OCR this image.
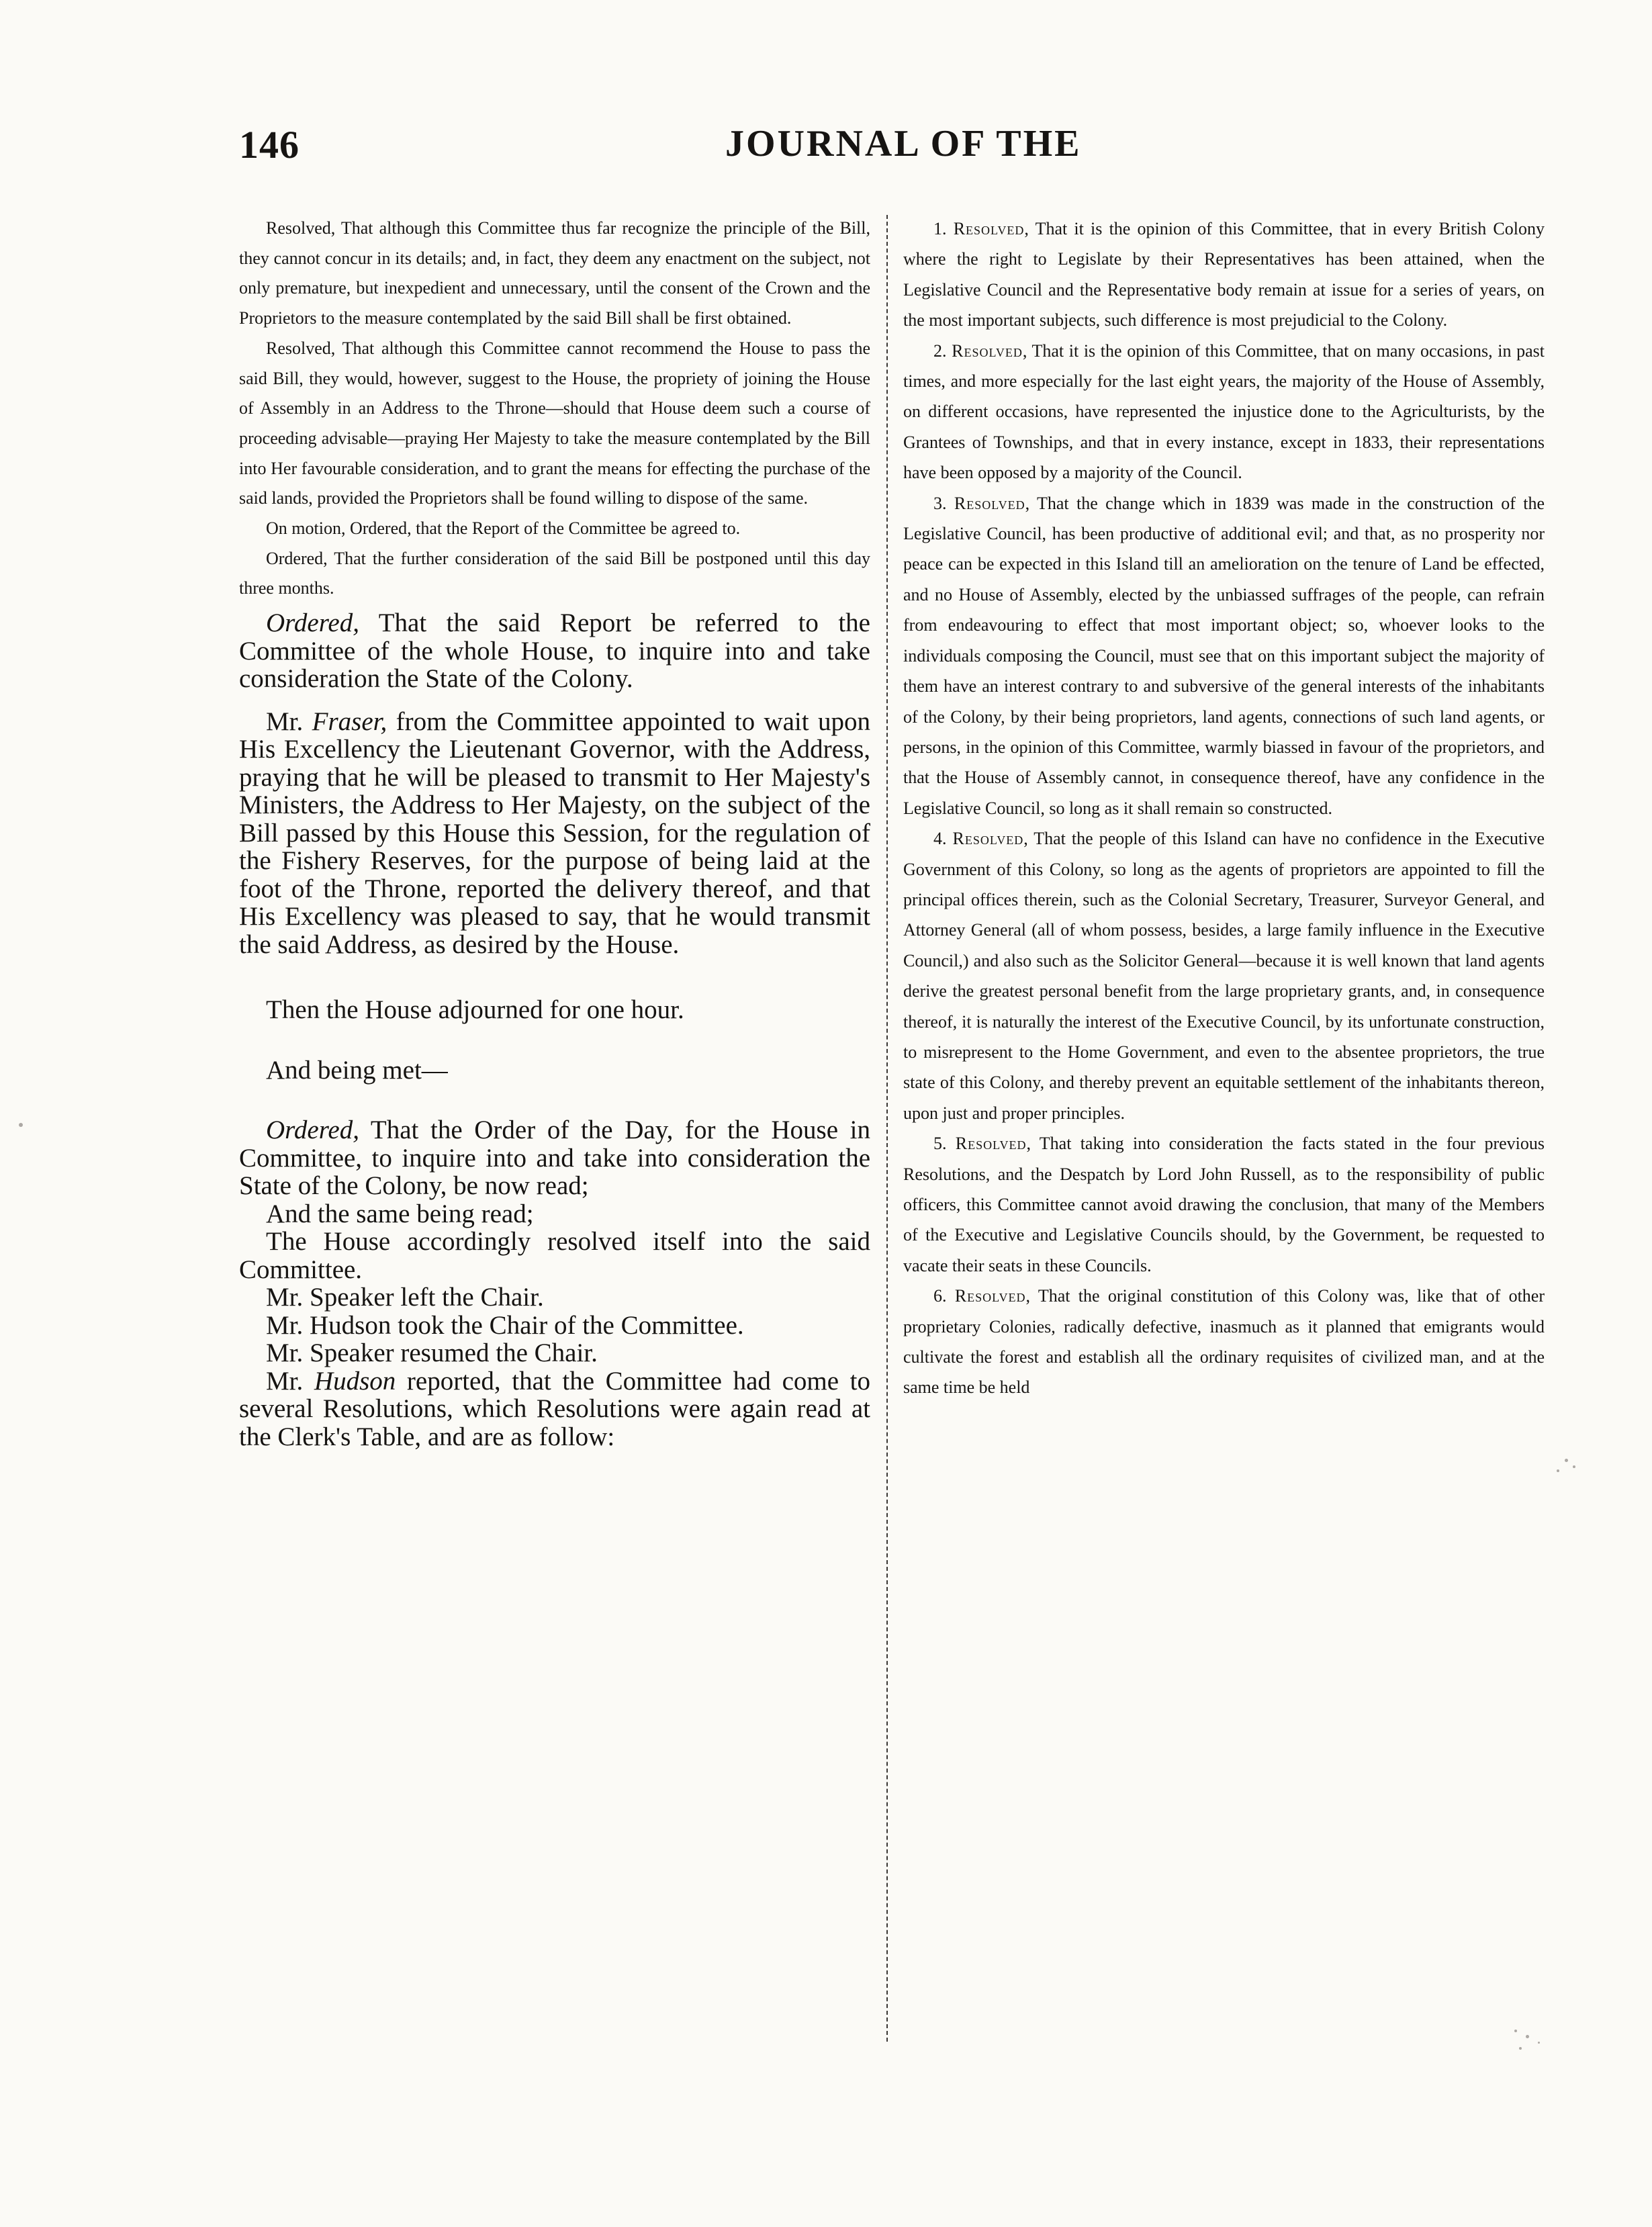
146	JOURNAL OF THE

Resolved, That although this Committee thus far recognize the principle of the Bill, they cannot concur in its details; and, in fact, they deem any enactment on the subject, not only premature, but inexpedient and unnecessary, until the consent of the Crown and the Proprietors to the measure contemplated by the said Bill shall be first obtained.

Resolved, That although this Committee cannot recommend the House to pass the said Bill, they would, however, suggest to the House, the propriety of joining the House of Assembly in an Address to the Throne—should that House deem such a course of proceeding advisable—praying Her Majesty to take the measure contemplated by the Bill into Her favourable consideration, and to grant the means for effecting the purchase of the said lands, provided the Proprietors shall be found willing to dispose of the same.

On motion, Ordered, that the Report of the Committee be agreed to.

Ordered, That the further consideration of the said Bill be postponed until this day three months.

Ordered, That the said Report be referred to the Committee of the whole House, to inquire into and take consideration the State of the Colony.

Mr. Fraser, from the Committee appointed to wait upon His Excellency the Lieutenant Governor, with the Address, praying that he will be pleased to transmit to Her Majesty's Ministers, the Address to Her Majesty, on the subject of the Bill passed by this House this Session, for the regulation of the Fishery Reserves, for the purpose of being laid at the foot of the Throne, reported the delivery thereof, and that His Excellency was pleased to say, that he would transmit the said Address, as desired by the House.

Then the House adjourned for one hour.

And being met—

Ordered, That the Order of the Day, for the House in Committee, to inquire into and take into consideration the State of the Colony, be now read;

And the same being read;

The House accordingly resolved itself into the said Committee.

Mr. Speaker left the Chair.

Mr. Hudson took the Chair of the Committee.

Mr. Speaker resumed the Chair.

Mr. Hudson reported, that the Committee had come to several Resolutions, which Resolutions were again read at the Clerk's Table, and are as follow:

1. Resolved, That it is the opinion of this Committee, that in every British Colony where the right to Legislate by their Representatives has been attained, when the Legislative Council and the Representative body remain at issue for a series of years, on the most important subjects, such difference is most prejudicial to the Colony.

2. Resolved, That it is the opinion of this Committee, that on many occasions, in past times, and more especially for the last eight years, the majority of the House of Assembly, on different occasions, have represented the injustice done to the Agriculturists, by the Grantees of Townships, and that in every instance, except in 1833, their representations have been opposed by a majority of the Council.

3. Resolved, That the change which in 1839 was made in the construction of the Legislative Council, has been productive of additional evil; and that, as no prosperity nor peace can be expected in this Island till an amelioration on the tenure of Land be effected, and no House of Assembly, elected by the unbiassed suffrages of the people, can refrain from endeavouring to effect that most important object; so, whoever looks to the individuals composing the Council, must see that on this important subject the majority of them have an interest contrary to and subversive of the general interests of the inhabitants of the Colony, by their being proprietors, land agents, connections of such land agents, or persons, in the opinion of this Committee, warmly biassed in favour of the proprietors, and that the House of Assembly cannot, in consequence thereof, have any confidence in the Legislative Council, so long as it shall remain so constructed.

4. Resolved, That the people of this Island can have no confidence in the Executive Government of this Colony, so long as the agents of proprietors are appointed to fill the principal offices therein, such as the Colonial Secretary, Treasurer, Surveyor General, and Attorney General (all of whom possess, besides, a large family influence in the Executive Council,) and also such as the Solicitor General—because it is well known that land agents derive the greatest personal benefit from the large proprietary grants, and, in consequence thereof, it is naturally the interest of the Executive Council, by its unfortunate construction, to misrepresent to the Home Government, and even to the absentee proprietors, the true state of this Colony, and thereby prevent an equitable settlement of the inhabitants thereon, upon just and proper principles.

5. Resolved, That taking into consideration the facts stated in the four previous Resolutions, and the Despatch by Lord John Russell, as to the responsibility of public officers, this Committee cannot avoid drawing the conclusion, that many of the Members of the Executive and Legislative Councils should, by the Government, be requested to vacate their seats in these Councils.

6. Resolved, That the original constitution of this Colony was, like that of other proprietary Colonies, radically defective, inasmuch as it planned that emigrants would cultivate the forest and establish all the ordinary requisites of civilized man, and at the same time be held
